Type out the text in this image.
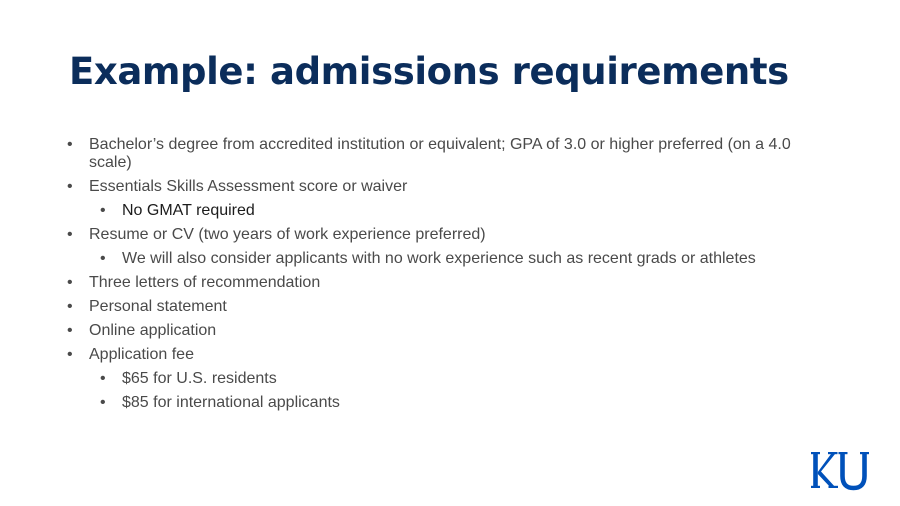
Example: admissions requirements
• Bachelor’s degree from accredited institution or equivalent; GPA of 3.0 or higher preferred (on a 4.0 scale)
• Essentials Skills Assessment score or waiver
• No GMAT required
• Resume or CV (two years of work experience preferred)
• We will also consider applicants with no work experience such as recent grads or athletes
• Three letters of recommendation
• Personal statement
• Online application
• Application fee
• $65 for U.S. residents
• $85 for international applicants
